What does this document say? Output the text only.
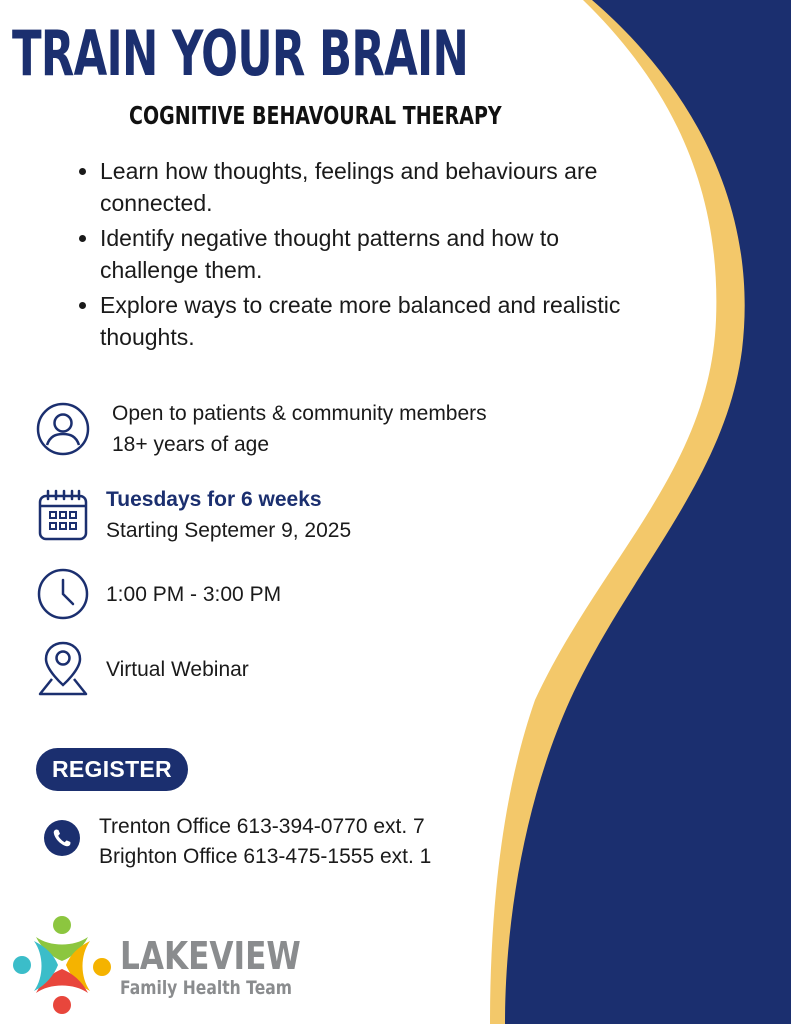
TRAIN YOUR BRAIN
COGNITIVE BEHAVOURAL THERAPY
• Learn how thoughts, feelings and behaviours are connected.
• Identify negative thought patterns and how to challenge them.
• Explore ways to create more balanced and realistic thoughts.
Open to patients & community members
18+ years of age
Tuesdays for 6 weeks
Starting Septemer 9, 2025
1:00 PM - 3:00 PM
Virtual Webinar
REGISTER
Trenton Office 613-394-0770 ext. 7
Brighton Office 613-475-1555 ext. 1
LAKEVIEW
Family Health Team
